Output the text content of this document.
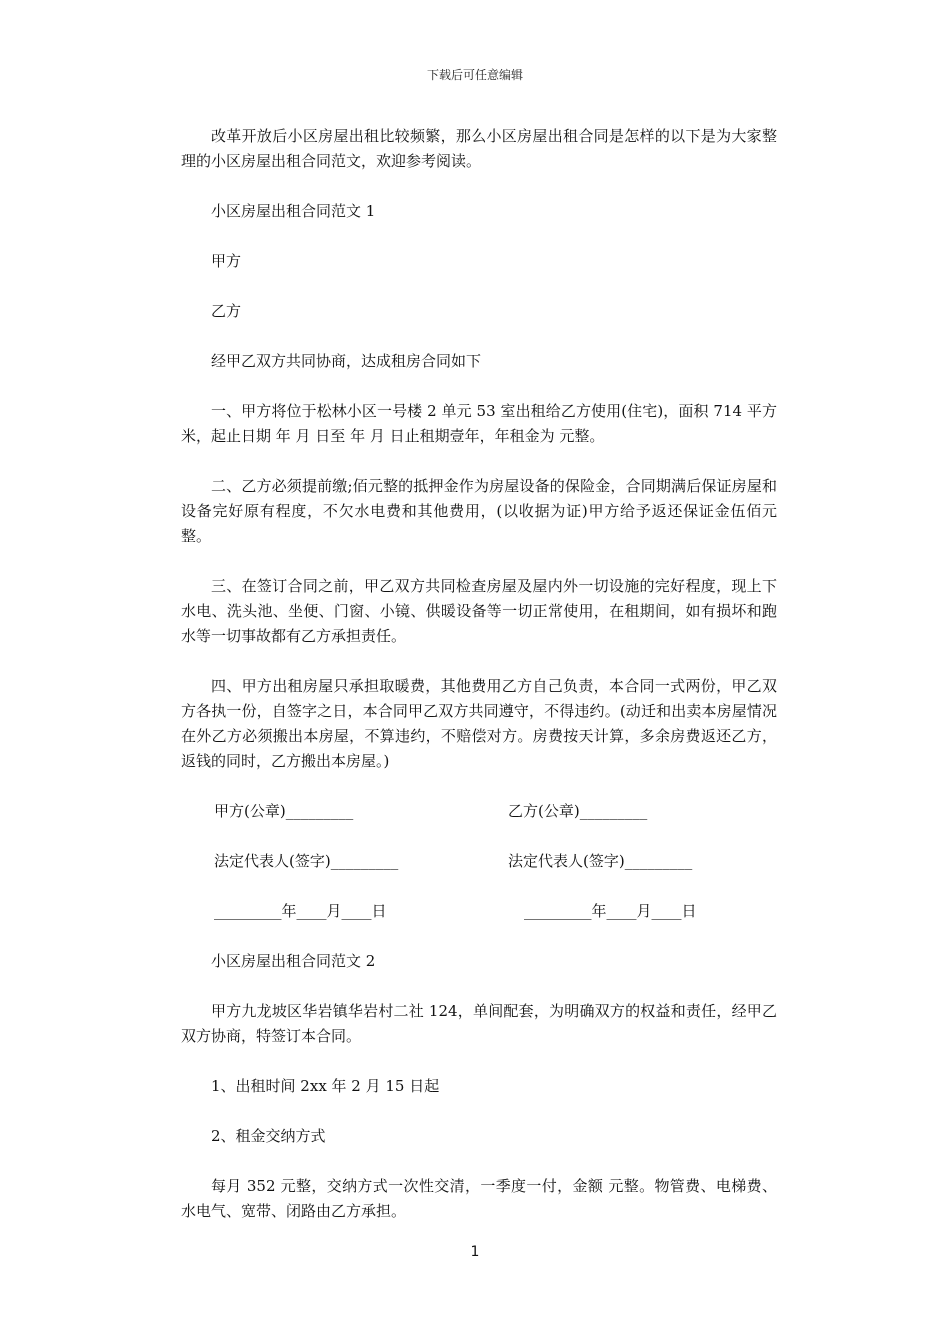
下载后可任意编辑

改革开放后小区房屋出租比较频繁，那么小区房屋出租合同是怎样的以下是为大家整理的小区房屋出租合同范文，欢迎参考阅读。

小区房屋出租合同范文 1

甲方

乙方

经甲乙双方共同协商，达成租房合同如下

一、甲方将位于松林小区一号楼 2 单元 53 室出租给乙方使用(住宅)，面积 714 平方米，起止日期 年 月 日至 年 月 日止租期壹年，年租金为 元整。

二、乙方必须提前缴;佰元整的抵押金作为房屋设备的保险金，合同期满后保证房屋和设备完好原有程度，不欠水电费和其他费用，(以收据为证)甲方给予返还保证金伍佰元整。

三、在签订合同之前，甲乙双方共同检查房屋及屋内外一切设施的完好程度，现上下水电、洗头池、坐便、门窗、小镜、供暖设备等一切正常使用，在租期间，如有损坏和跑水等一切事故都有乙方承担责任。

四、甲方出租房屋只承担取暖费，其他费用乙方自己负责，本合同一式两份，甲乙双方各执一份，自签字之日，本合同甲乙双方共同遵守，不得违约。(动迁和出卖本房屋情况在外乙方必须搬出本房屋，不算违约，不赔偿对方。房费按天计算，多余房费返还乙方，返钱的同时，乙方搬出本房屋。)

甲方(公章)_________	乙方(公章)_________
法定代表人(签字)_________	法定代表人(签字)_________
_________年____月____日	_________年____月____日

小区房屋出租合同范文 2

甲方九龙坡区华岩镇华岩村二社 124，单间配套，为明确双方的权益和责任，经甲乙双方协商，特签订本合同。

1、出租时间 2xx 年 2 月 15 日起

2、租金交纳方式

每月 352 元整，交纳方式一次性交清，一季度一付，金额 元整。物管费、电梯费、水电气、宽带、闭路由乙方承担。

1
